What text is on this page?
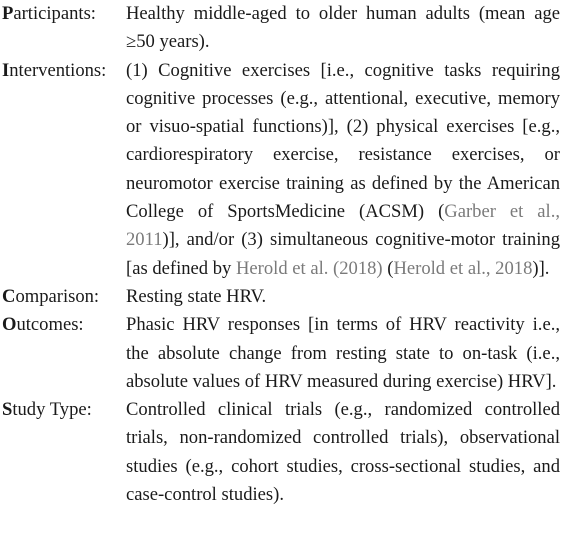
Participants:	Healthy middle-aged to older human adults (mean age ≥50 years).
Interventions:	(1) Cognitive exercises [i.e., cognitive tasks requiring cognitive processes (e.g., attentional, executive, memory or visuo-spatial functions)], (2) physical exercises [e.g., cardiorespiratory exercise, resistance exercises, or neuromotor exercise training as defined by the American College of SportsMedicine (ACSM) (Garber et al., 2011)], and/or (3) simultaneous cognitive-motor training [as defined by Herold et al. (2018) (Herold et al., 2018)].
Comparison:	Resting state HRV.
Outcomes:	Phasic HRV responses [in terms of HRV reactivity i.e., the absolute change from resting state to on-task (i.e., absolute values of HRV measured during exercise) HRV].
Study Type:	Controlled clinical trials (e.g., randomized controlled trials, non-randomized controlled trials), observational studies (e.g., cohort studies, cross-sectional studies, and case-control studies).
